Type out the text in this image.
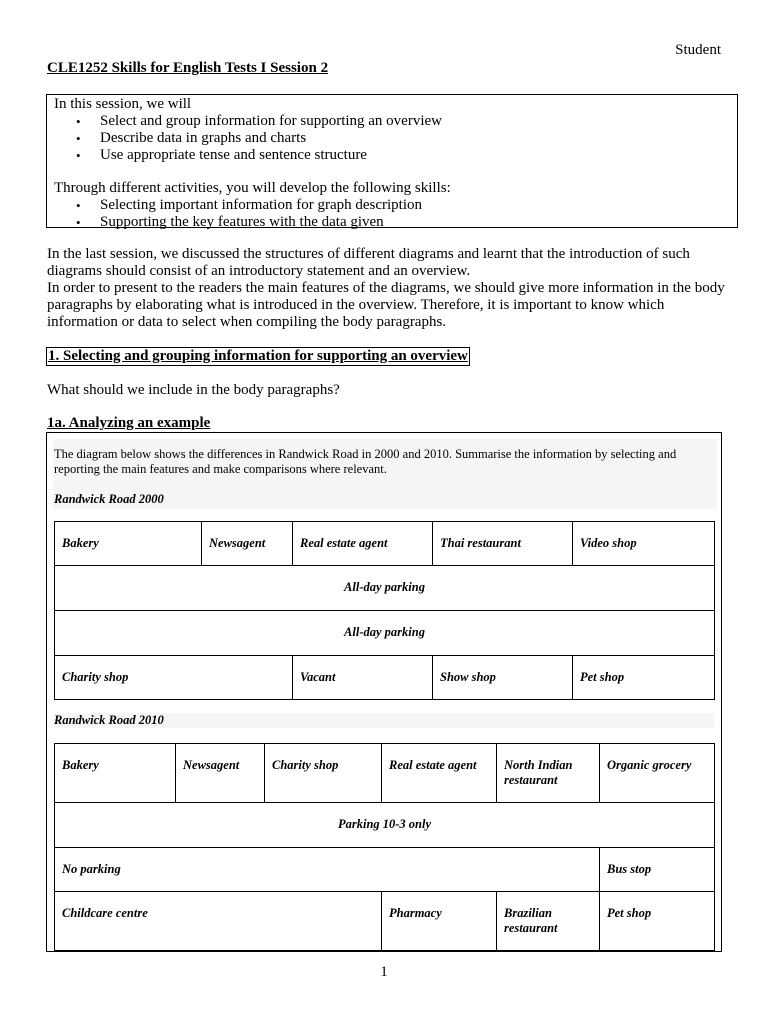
Student
CLE1252 Skills for English Tests I Session 2
In this session, we will
• Select and group information for supporting an overview
• Describe data in graphs and charts
• Use appropriate tense and sentence structure
Through different activities, you will develop the following skills:
• Selecting important information for graph description
• Supporting the key features with the data given
In the last session, we discussed the structures of different diagrams and learnt that the introduction of such diagrams should consist of an introductory statement and an overview.
In order to present to the readers the main features of the diagrams, we should give more information in the body paragraphs by elaborating what is introduced in the overview. Therefore, it is important to know which information or data to select when compiling the body paragraphs.
1. Selecting and grouping information for supporting an overview
What should we include in the body paragraphs?
1a. Analyzing an example
The diagram below shows the differences in Randwick Road in 2000 and 2010. Summarise the information by selecting and reporting the main features and make comparisons where relevant.
Randwick Road 2000
Bakery	Newsagent	Real estate agent	Thai restaurant	Video shop
All-day parking				
All-day parking				
Charity shop		Vacant	Show shop	Pet shop
Randwick Road 2010
Bakery	Newsagent	Charity shop	Real estate agent	North Indian restaurant	Organic grocery
Parking 10-3 only					
No parking					Bus stop
Childcare centre			Pharmacy	Brazilian restaurant	Pet shop
1
